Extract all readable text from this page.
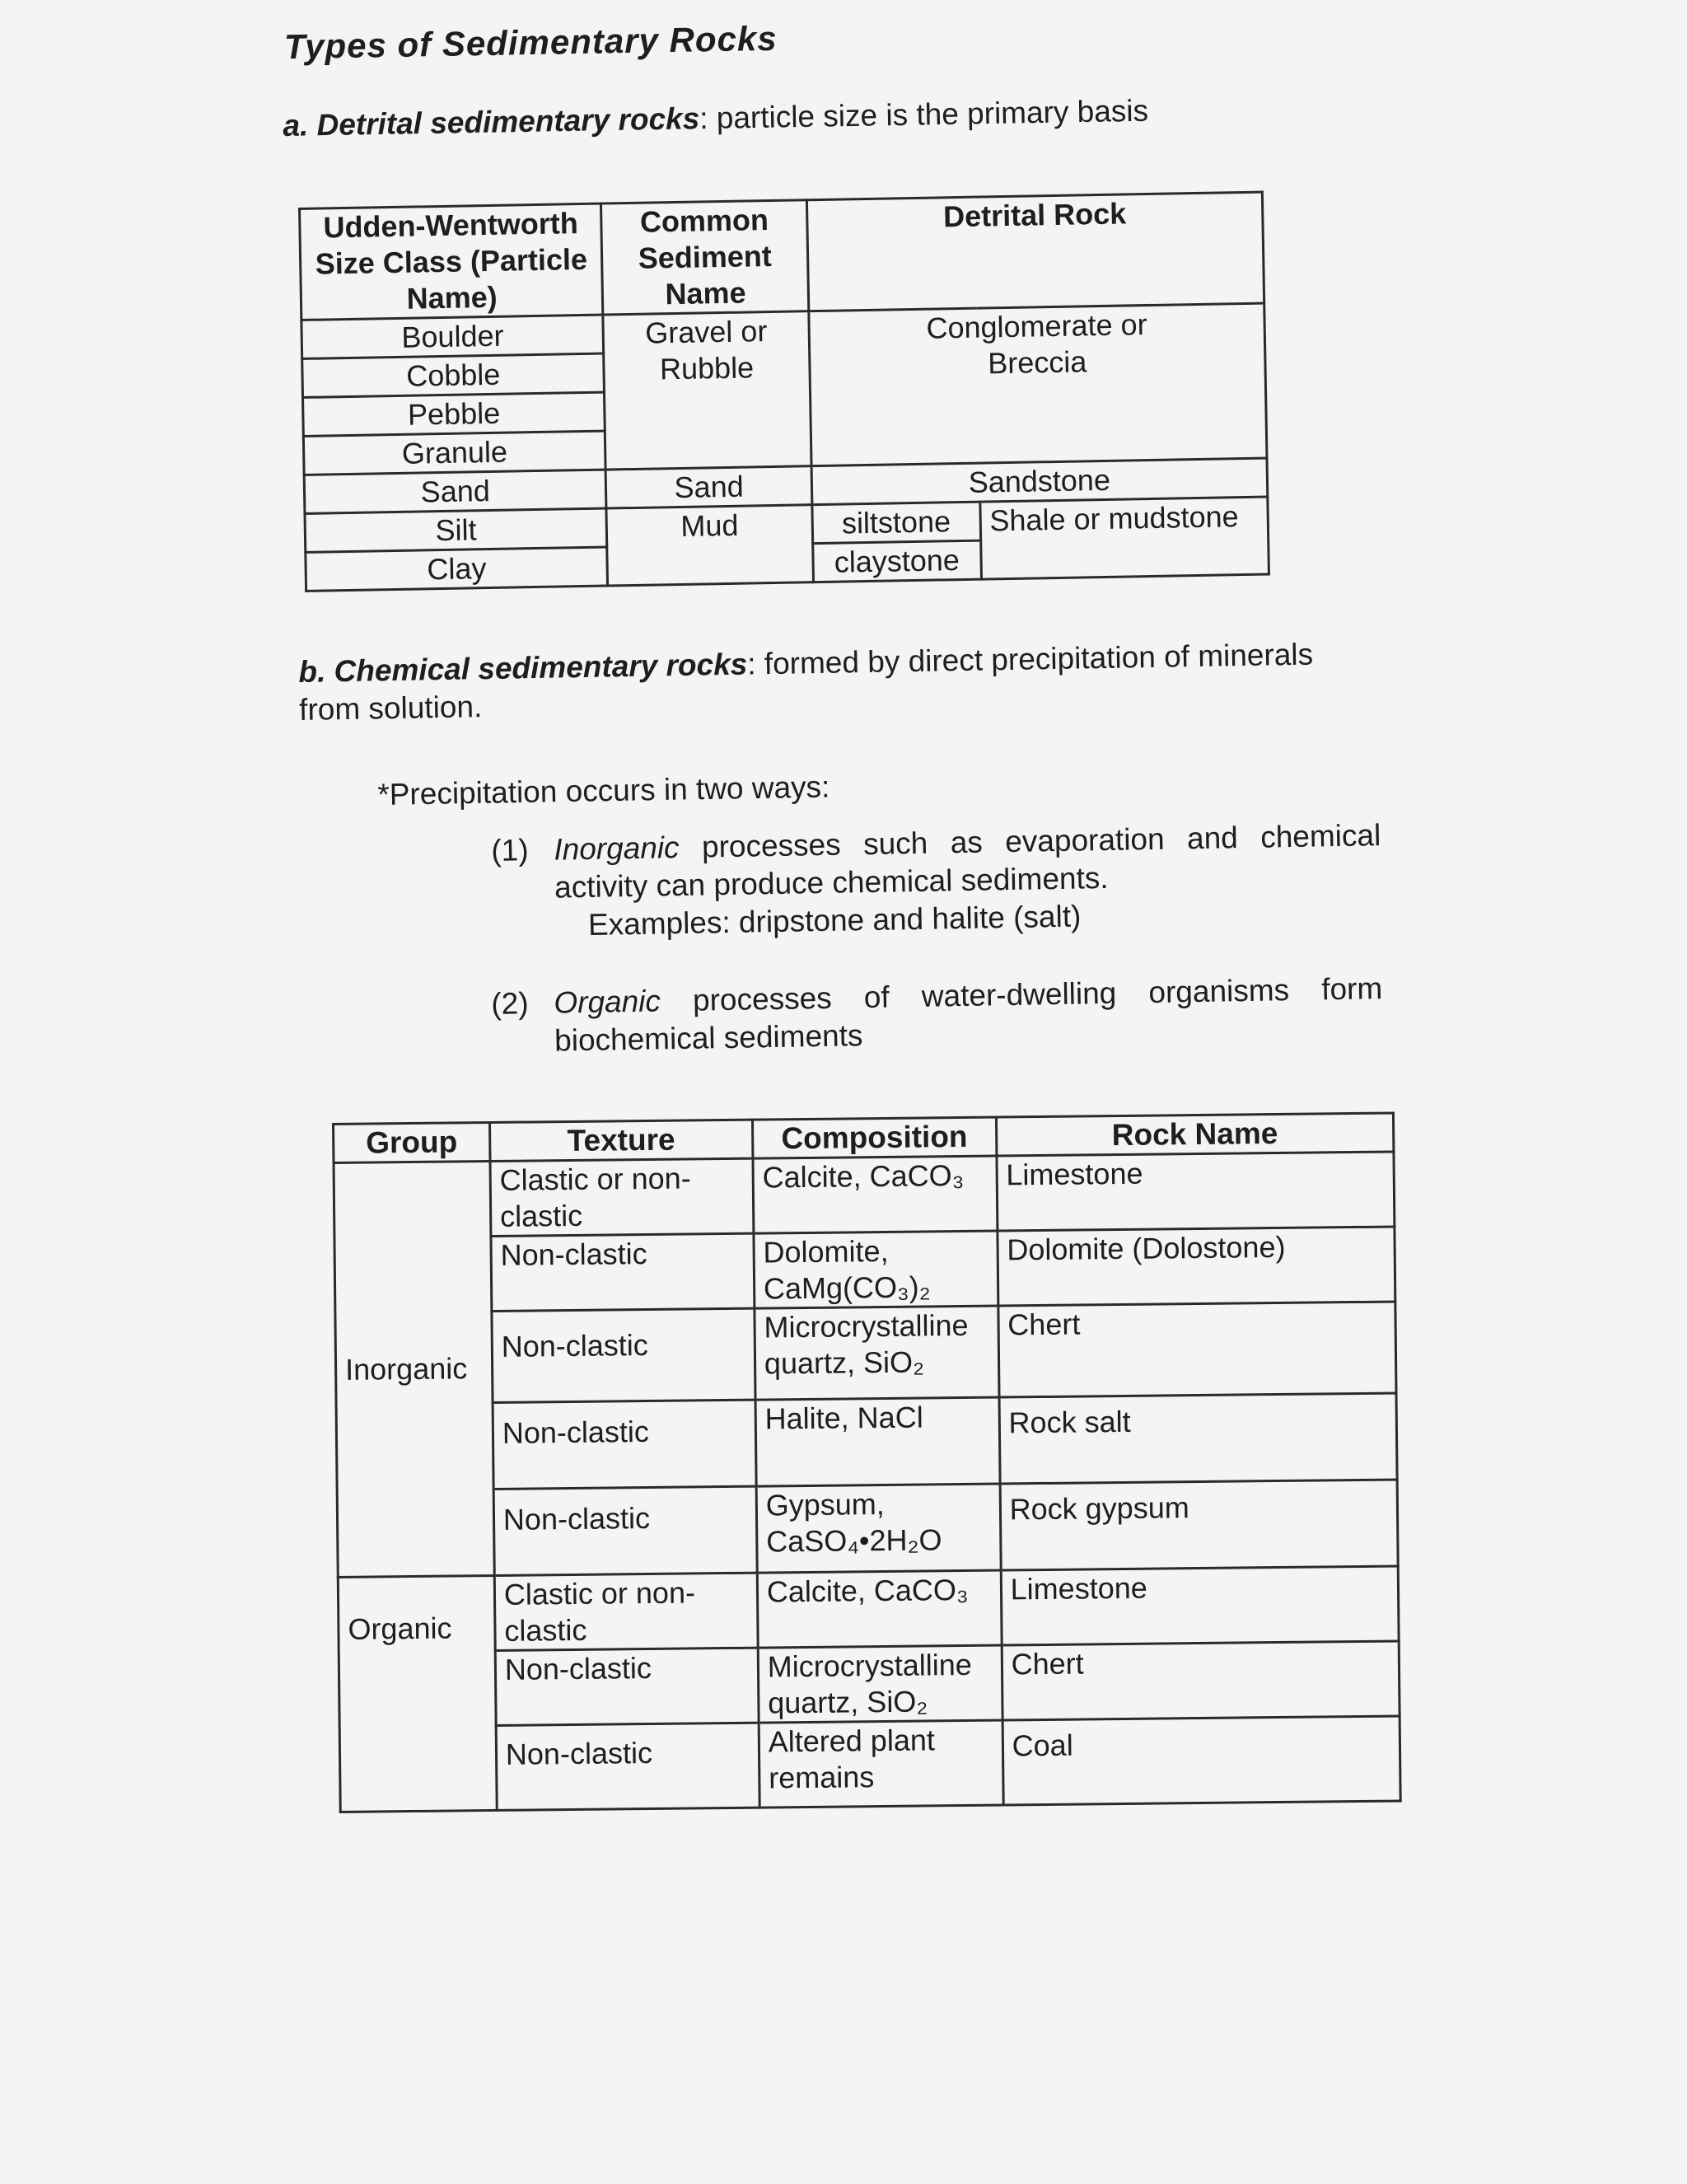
Types of Sedimentary Rocks
a. Detrital sedimentary rocks: particle size is the primary basis
Udden-Wentworth Size Class (Particle Name)	Common Sediment Name	Detrital Rock	
Boulder	Gravel or Rubble	Conglomerate or Breccia	
Cobble			
Pebble			
Granule			
Sand	Sand	Sandstone	
Silt	Mud	siltstone	Shale or mudstone
Clay		claystone	
b. Chemical sedimentary rocks: formed by direct precipitation of minerals from solution.
*Precipitation occurs in two ways:
(1) Inorganic processes such as evaporation and chemical activity can produce chemical sediments.
Examples: dripstone and halite (salt)
(2) Organic processes of water-dwelling organisms form biochemical sediments
Group	Texture	Composition	Rock Name
Inorganic	Clastic or non-clastic	Calcite, CaCO₃	Limestone
	Non-clastic	Dolomite, CaMg(CO₃)₂	Dolomite (Dolostone)
	Non-clastic	Microcrystalline quartz, SiO₂	Chert
	Non-clastic	Halite, NaCl	Rock salt
	Non-clastic	Gypsum, CaSO₄•2H₂O	Rock gypsum
Organic	Clastic or non-clastic	Calcite, CaCO₃	Limestone
	Non-clastic	Microcrystalline quartz, SiO₂	Chert
	Non-clastic	Altered plant remains	Coal
